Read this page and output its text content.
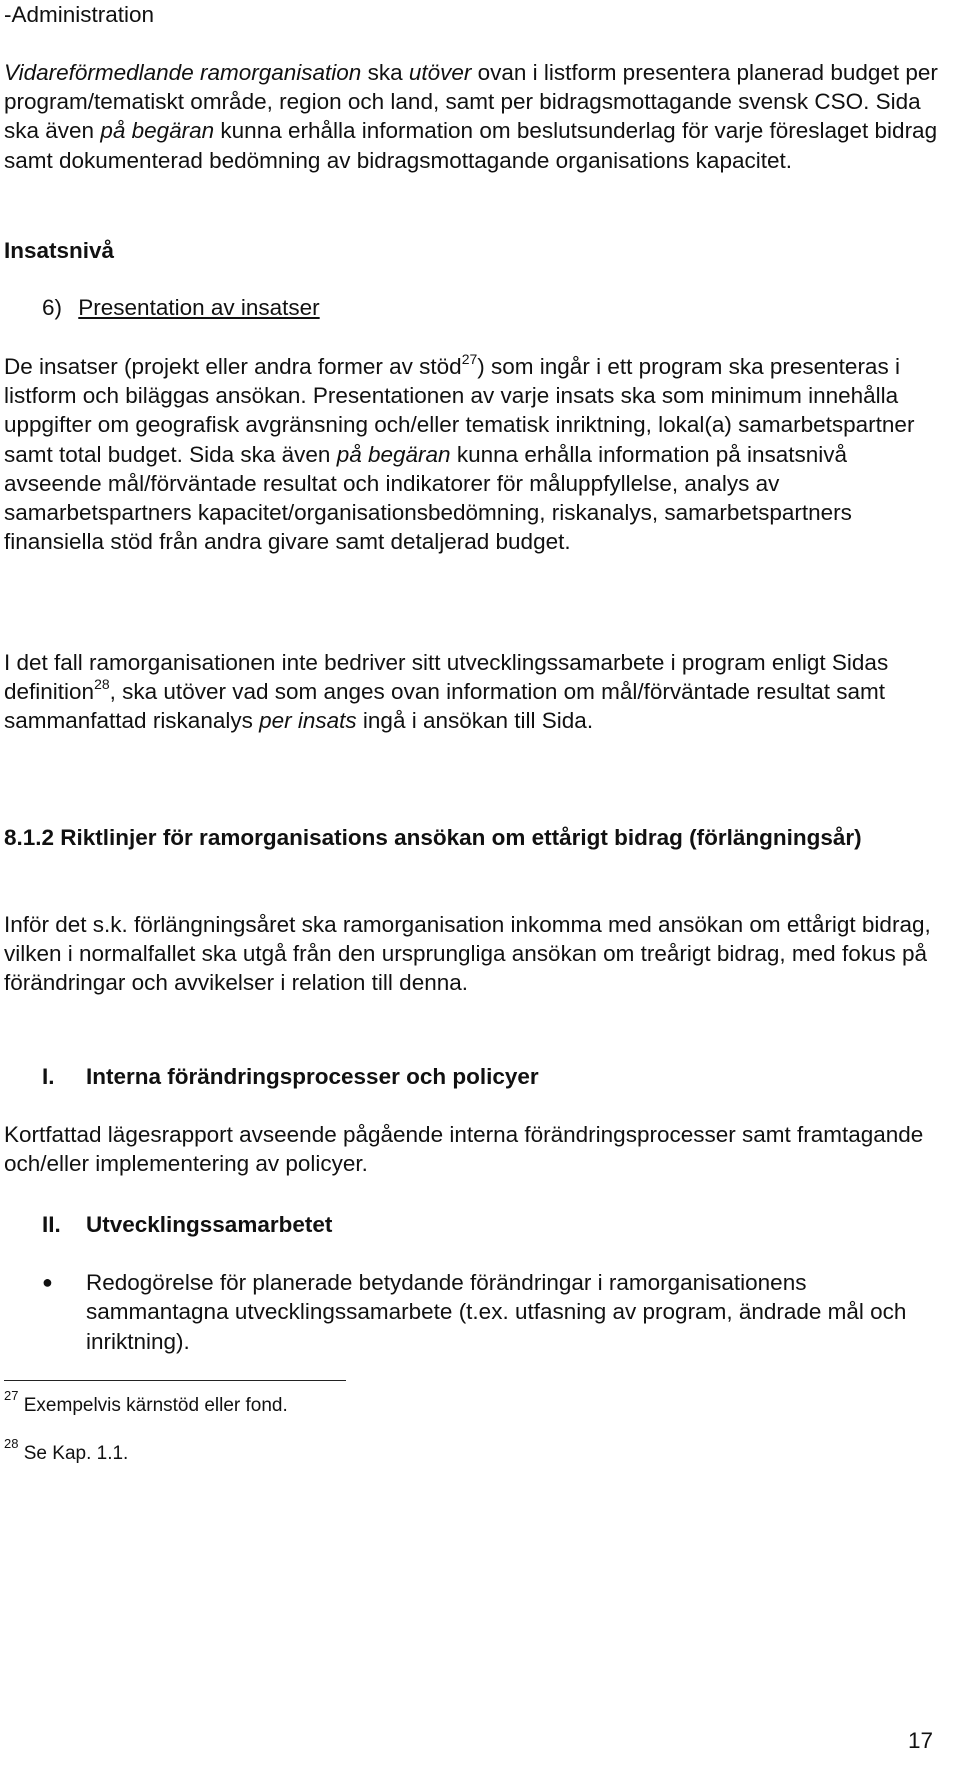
-Administration

Vidareförmedlande ramorganisation ska utöver ovan i listform presentera planerad budget per program/tematiskt område, region och land, samt per bidragsmottagande svensk CSO. Sida ska även på begäran kunna erhålla information om beslutsunderlag för varje föreslaget bidrag samt dokumenterad bedömning av bidragsmottagande organisations kapacitet.

Insatsnivå
6) Presentation av insatser

De insatser (projekt eller andra former av stöd$^{27}$) som ingår i ett program ska presenteras i listform och biläggas ansökan. Presentationen av varje insats ska som minimum innehålla uppgifter om geografisk avgränsning och/eller tematisk inriktning, lokal(a) samarbetspartner samt total budget. Sida ska även på begäran kunna erhålla information på insatsnivå avseende mål/förväntade resultat och indikatorer för måluppfyllelse, analys av samarbetspartners kapacitet/organisationsbedömning, riskanalys, samarbetspartners finansiella stöd från andra givare samt detaljerad budget.

I det fall ramorganisationen inte bedriver sitt utvecklingssamarbete i program enligt Sidas definition$^{28}$, ska utöver vad som anges ovan information om mål/förväntade resultat samt sammanfattad riskanalys per insats ingå i ansökan till Sida.

8.1.2 Riktlinjer för ramorganisations ansökan om ettårigt bidrag (förlängningsår)

Inför det s.k. förlängningsåret ska ramorganisation inkomma med ansökan om ettårigt bidrag, vilken i normalfallet ska utgå från den ursprungliga ansökan om treårigt bidrag, med fokus på förändringar och avvikelser i relation till denna.

I. Interna förändringsprocesser och policyer

Kortfattad lägesrapport avseende pågående interna förändringsprocesser samt framtagande och/eller implementering av policyer.

II. Utvecklingssamarbetet
● Redogörelse för planerade betydande förändringar i ramorganisationens sammantagna utvecklingssamarbete (t.ex. utfasning av program, ändrade mål och inriktning).
$^{27}$ Exempelvis kärnstöd eller fond.
$^{28}$ Se Kap. 1.1.
17
